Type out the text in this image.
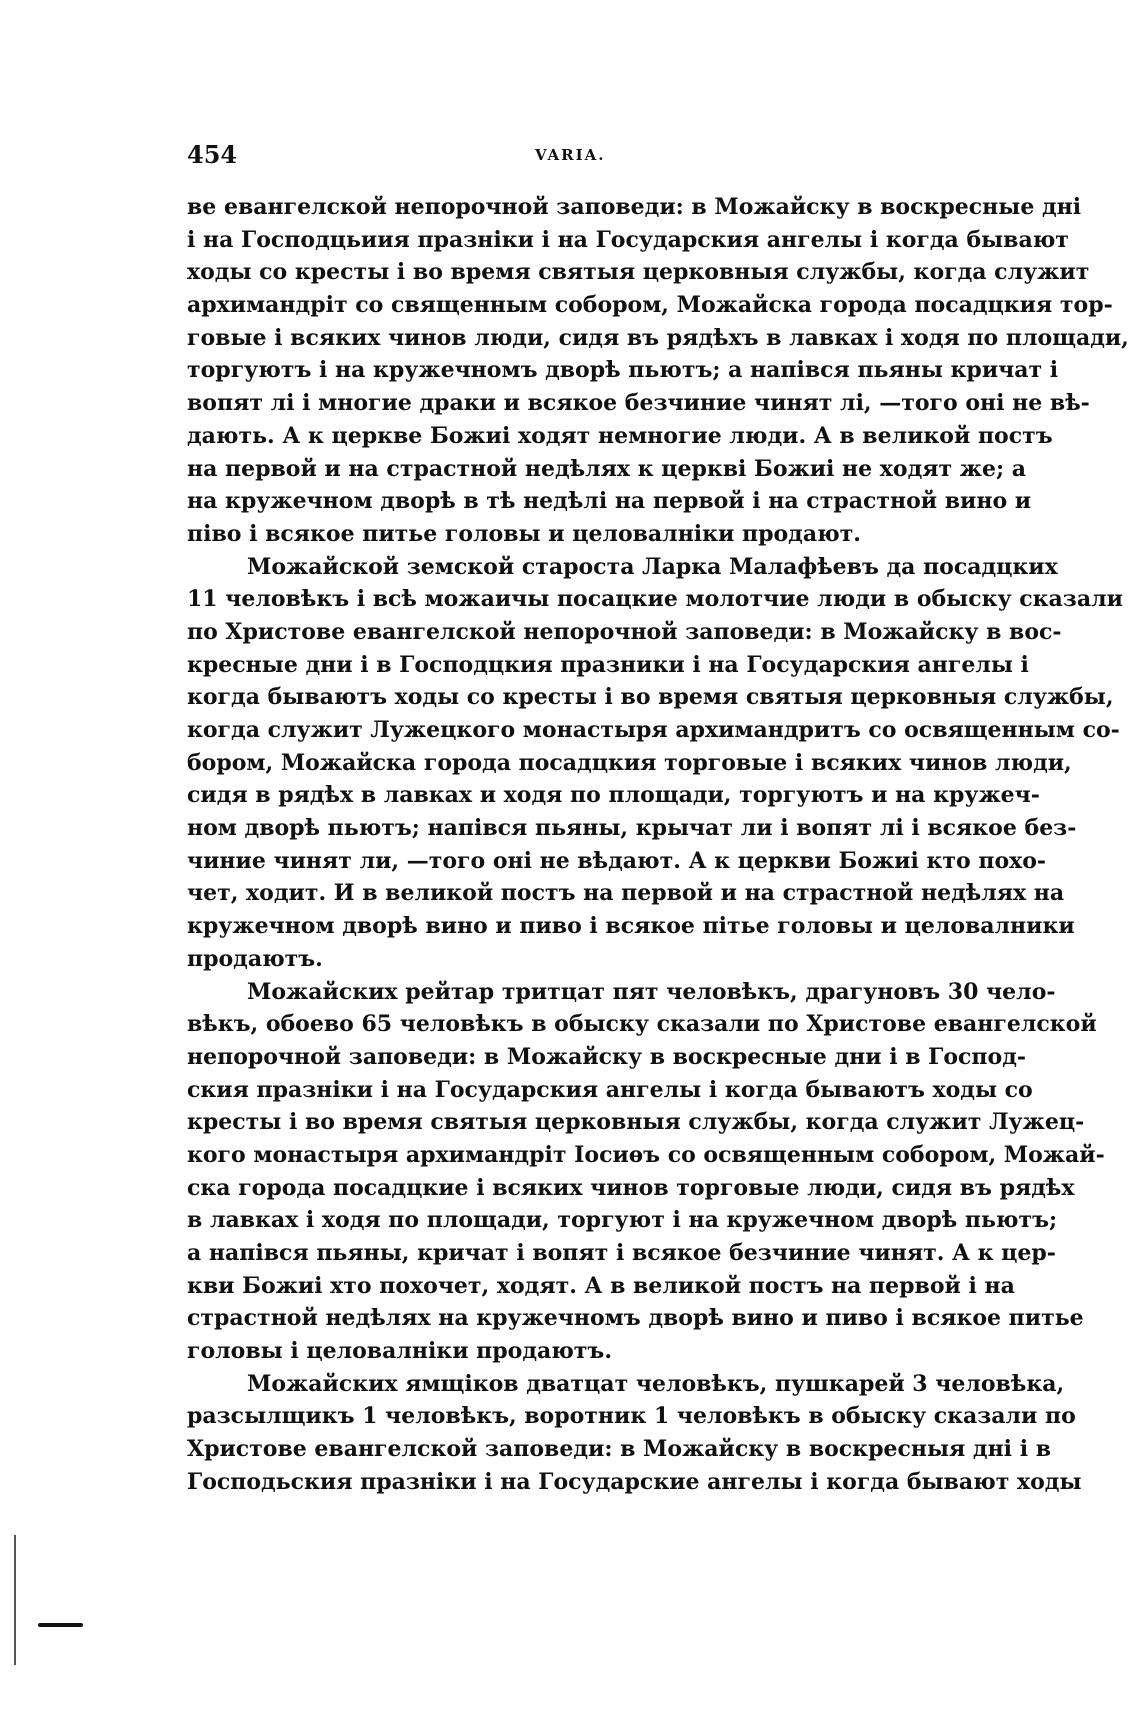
454	VARIA.
ве евангелской непорочной заповеди: в Можайску в воскресные дні
і на Господцьиия празніки і на Государския ангелы і когда бывают
ходы со кресты і во время святыя церковныя службы, когда служит
архимандріт со священным собором, Можайска города посадцкия тор-
говые і всяких чинов люди, сидя въ рядѣхъ в лавках і ходя по площади,
торгуютъ і на кружечномъ дворѣ пьютъ; а напівся пьяны кричат і
вопят лі і многие драки и всякое безчиние чинят лі, —того оні не вѣ-
дають. А к церкве Божиі ходят немногие люди. А в великой постъ
на первой и на страстной недѣлях к церкві Божиі не ходят же; а
на кружечном дворѣ в тѣ недѣлі на первой і на страстной вино и
піво і всякое питье головы и целовалніки продают.
Можайской земской староста Ларка Малафѣевъ да посадцких
11 человѣкъ і всѣ можаичы посацкие молотчие люди в обыску сказали
по Христове евангелской непорочной заповеди: в Можайску в вос-
кресные дни і в Господцкия празники і на Государския ангелы і
когда бываютъ ходы со кресты і во время святыя церковныя службы,
когда служит Лужецкого монастыря архимандритъ со освященным со-
бором, Можайска города посадцкия торговые і всяких чинов люди,
сидя в рядѣх в лавках и ходя по площади, торгуютъ и на кружеч-
ном дворѣ пьютъ; напівся пьяны, крычат ли і вопят лі і всякое без-
чиние чинят ли, —того оні не вѣдают. А к церкви Божиі кто похо-
чет, ходит. И в великой постъ на первой и на страстной недѣлях на
кружечном дворѣ вино и пиво і всякое пітье головы и целовалники
продаютъ.
Можайских рейтар тритцат пят человѣкъ, драгуновъ 30 чело-
вѣкъ, обоево 65 человѣкъ в обыску сказали по Христове евангелской
непорочной заповеди: в Можайску в воскресные дни і в Господ-
ския празніки і на Государския ангелы і когда бываютъ ходы со
кресты і во время святыя церковныя службы, когда служит Лужец-
кого монастыря архимандріт Іосиѳъ со освященным собором, Можай-
ска города посадцкие і всяких чинов торговые люди, сидя въ рядѣх
в лавках і ходя по площади, торгуют і на кружечном дворѣ пьютъ;
а напівся пьяны, кричат і вопят і всякое безчиние чинят. А к цер-
кви Божиі хто похочет, ходят. А в великой постъ на первой і на
страстной недѣлях на кружечномъ дворѣ вино и пиво і всякое питье
головы і целовалніки продаютъ.
Можайских ямщіков двaтцат человѣкъ, пушкарей 3 человѣка,
разсылщикъ 1 человѣкъ, воротник 1 человѣкъ в обыску сказали по
Христове евангелской заповеди: в Можайску в воскресныя дні і в
Господьския празніки і на Государские ангелы і когда бывают ходы
